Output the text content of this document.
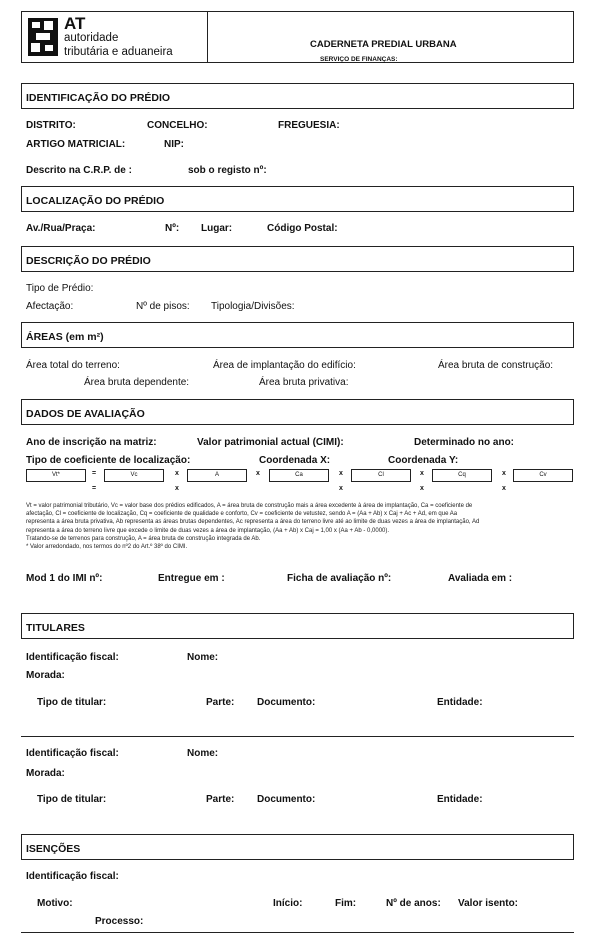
AT
autoridade
tributária e aduaneira
CADERNETA PREDIAL URBANA
SERVIÇO DE FINANÇAS:
IDENTIFICAÇÃO DO PRÉDIO
DISTRITO:	CONCELHO:	FREGUESIA:
ARTIGO MATRICIAL:	NIP:
Descrito na C.R.P. de :	sob o registo nº:
LOCALIZAÇÃO DO PRÉDIO
Av./Rua/Praça:	Nº: Lugar:	Código Postal:
DESCRIÇÃO DO PRÉDIO
Tipo de Prédio:
Afectação:	Nº de pisos: Tipologia/Divisões:
ÁREAS (em m²)
Área total do terreno:	Área de implantação do edifício:	Área bruta de construção:
Área bruta dependente:	Área bruta privativa:
DADOS DE AVALIAÇÃO
Ano de inscrição na matriz:	Valor patrimonial actual (CIMI):	Determinado no ano:
Tipo de coeficiente de localização:	Coordenada X:	Coordenada Y:
Vt*	=	Vc	x	A	x	Ca	x	Cl	x	Cq	x	Cv
=	x	x	x	x
Vt = valor patrimonial tributário, Vc = valor base dos prédios edificados, A = área bruta de construção mais a área excedente à área de implantação, Ca = coeficiente de
afectação, Cl = coeficiente de localização, Cq = coeficiente de qualidade e conforto, Cv = coeficiente de vetustez, sendo A = (Aa + Ab) x Caj + Ac + Ad, em que Aa
representa a área bruta privativa, Ab representa as áreas brutas dependentes, Ac representa a área do terreno livre até ao limite de duas vezes a área de implantação, Ad
representa a área do terreno livre que excede o limite de duas vezes a área de implantação, (Aa + Ab) x Caj = 1,00 x (Aa + Ab - 0,0000).
Tratando-se de terrenos para construção, A = área bruta de construção integrada de Ab.
* Valor arredondado, nos termos do nº2 do Art.º 38º do CIMI.
Mod 1 do IMI nº:	Entregue em :	Ficha de avaliação nº:	Avaliada em :
TITULARES
Identificação fiscal:	Nome:
Morada:
Tipo de titular:	Parte: Documento:	Entidade:
Identificação fiscal:	Nome:
Morada:
Tipo de titular:	Parte: Documento:	Entidade:
ISENÇÕES
Identificação fiscal:
Motivo:	Início:	Fim:	Nº de anos: Valor isento:
Processo:
